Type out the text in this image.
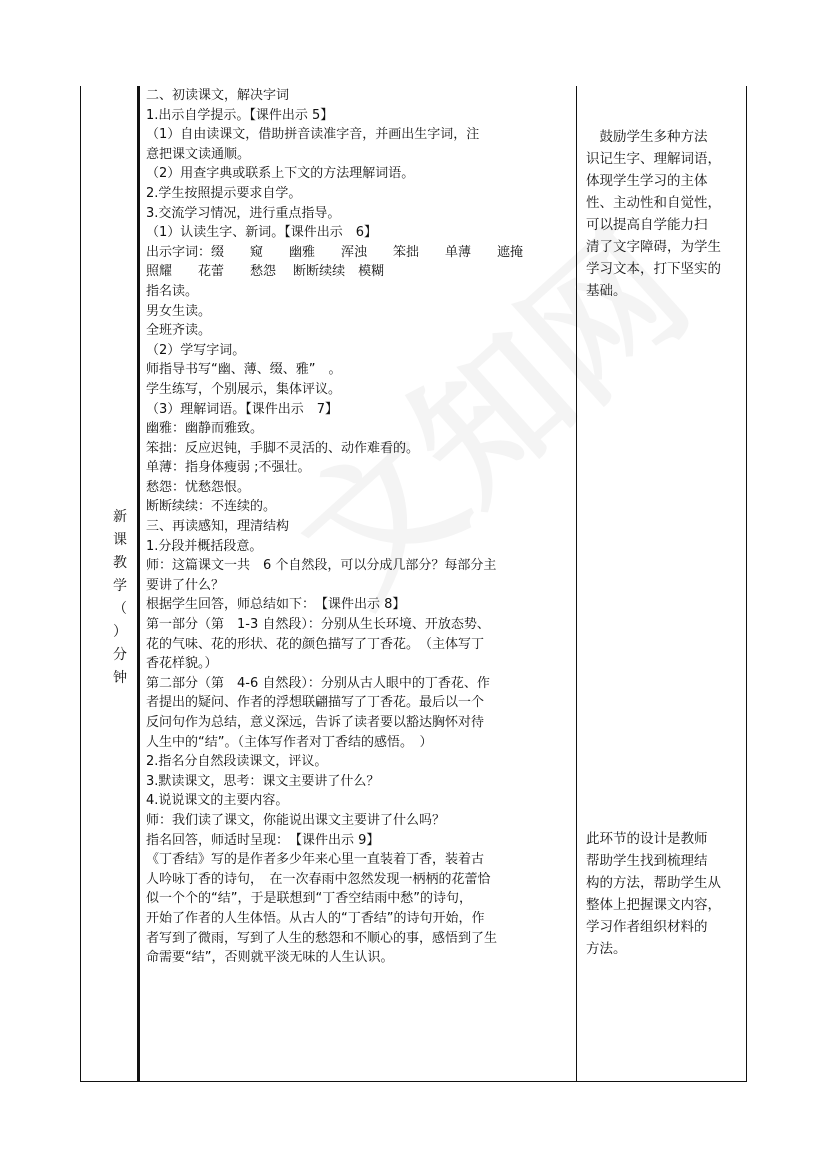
新
课
教
学
（
）
分
钟
二、初读课文，解决字词
1.出示自学提示。【课件出示 5】
（1）自由读课文，借助拼音读准字音，并画出生字词，注
意把课文读通顺。
（2）用查字典或联系上下文的方法理解词语。
2.学生按照提示要求自学。
3.交流学习情况，进行重点指导。
（1）认读生字、新词。【课件出示　6】
出示字词：缀　　窥　　幽雅　　浑浊　　笨拙　　单薄　　遮掩
照耀　　花蕾　　愁怨　 断断续续　模糊
指名读。
男女生读。
全班齐读。
（2）学写字词。
师指导书写“幽、薄、缀、雅”　。
学生练写，个别展示，集体评议。
（3）理解词语。【课件出示　7】
幽雅：幽静而雅致。
笨拙：反应迟钝，手脚不灵活的、动作难看的。
单薄：指身体瘦弱 ;不强壮。
愁怨：忧愁怨恨。
断断续续：不连续的。
三、再读感知，理清结构
1.分段并概括段意。
师：这篇课文一共　6 个自然段，可以分成几部分？每部分主
要讲了什么？
根据学生回答，师总结如下：　【课件出示 8】
第一部分（第　1-3 自然段）：分别从生长环境、开放态势、
花的气味、花的形状、花的颜色描写了丁香花。　（主体写丁
香花样貌。）
第二部分（第　4-6 自然段）：分别从古人眼中的丁香花、作
者提出的疑问、作者的浮想联翩描写了丁香花。最后以一个
反问句作为总结，意义深远，告诉了读者要以豁达胸怀对待
人生中的“结”。（主体写作者对丁香结的感悟。　）
2.指名分自然段读课文，评议。
3.默读课文，思考：课文主要讲了什么？
4.说说课文的主要内容。
师：我们读了课文，你能说出课文主要讲了什么吗？
指名回答，师适时呈现：　【课件出示 9】
《丁香结》写的是作者多少年来心里一直装着丁香，装着古
人吟咏丁香的诗句，　在一次春雨中忽然发现一柄柄的花蕾恰
似一个个的“结”，于是联想到“丁香空结雨中愁”的诗句，
开始了作者的人生体悟。从古人的“丁香结”的诗句开始，作
者写到了微雨，写到了人生的愁怨和不顺心的事，感悟到了生
命需要“结”，否则就平淡无味的人生认识。
　鼓励学生多种方法
识记生字、理解词语，
体现学生学习的主体
性、主动性和自觉性，
可以提高自学能力扫
清了文字障碍，为学生
学习文本，打下坚实的
基础。
此环节的设计是教师
帮助学生找到梳理结
构的方法，帮助学生从
整体上把握课文内容，
学习作者组织材料的
方法。
